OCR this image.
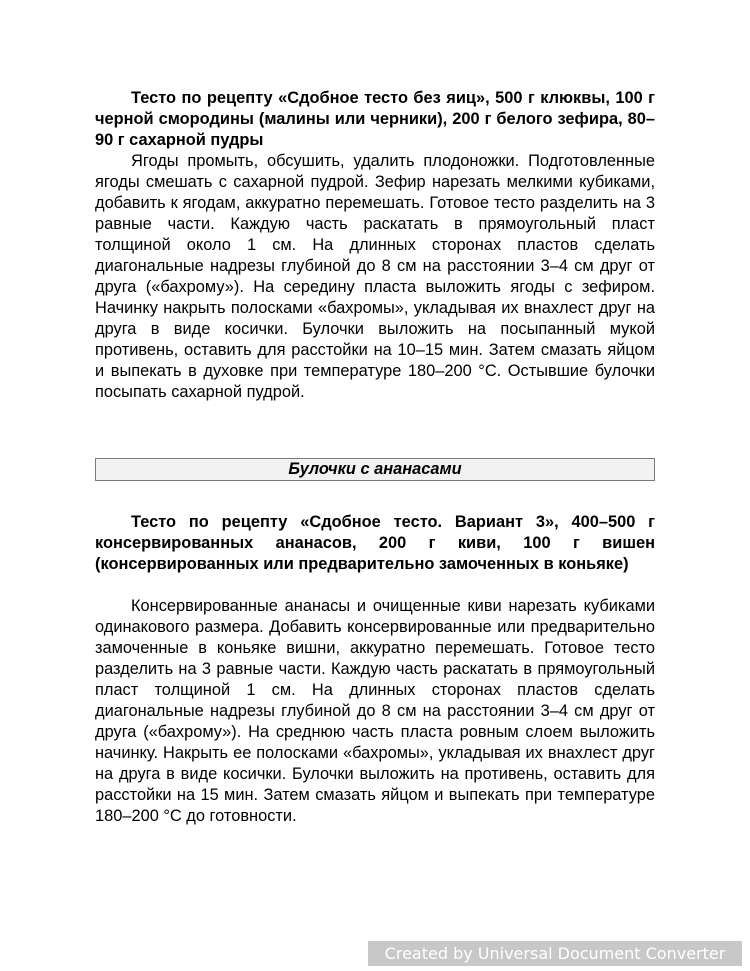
Тесто по рецепту «Сдобное тесто без яиц», 500 г клюквы, 100 г черной смородины (малины или черники), 200 г белого зефира, 80–90 г сахарной пудры

Ягоды промыть, обсушить, удалить плодоножки. Подготовленные ягоды смешать с сахарной пудрой. Зефир нарезать мелкими кубиками, добавить к ягодам, аккуратно перемешать. Готовое тесто разделить на 3 равные части. Каждую часть раскатать в прямоугольный пласт толщиной около 1 см. На длинных сторонах пластов сделать диагональные надрезы глубиной до 8 см на расстоянии 3–4 см друг от друга («бахрому»). На середину пласта выложить ягоды с зефиром. Начинку накрыть полосками «бахромы», укладывая их внахлест друг на друга в виде косички. Булочки выложить на посыпанный мукой противень, оставить для расстойки на 10–15 мин. Затем смазать яйцом и выпекать в духовке при температуре 180–200 °С. Остывшие булочки посыпать сахарной пудрой.

Булочки с ананасами

Тесто по рецепту «Сдобное тесто. Вариант 3», 400–500 г консервированных ананасов, 200 г киви, 100 г вишен (консервированных или предварительно замоченных в коньяке)

Консервированные ананасы и очищенные киви нарезать кубиками одинакового размера. Добавить консервированные или предварительно замоченные в коньяке вишни, аккуратно перемешать. Готовое тесто разделить на 3 равные части. Каждую часть раскатать в прямоугольный пласт толщиной 1 см. На длинных сторонах пластов сделать диагональные надрезы глубиной до 8 см на расстоянии 3–4 см друг от друга («бахрому»). На среднюю часть пласта ровным слоем выложить начинку. Накрыть ее полосками «бахромы», укладывая их внахлест друг на друга в виде косички. Булочки выложить на противень, оставить для расстойки на 15 мин. Затем смазать яйцом и выпекать при температуре 180–200 °С до готовности.

Created by Universal Document Converter
